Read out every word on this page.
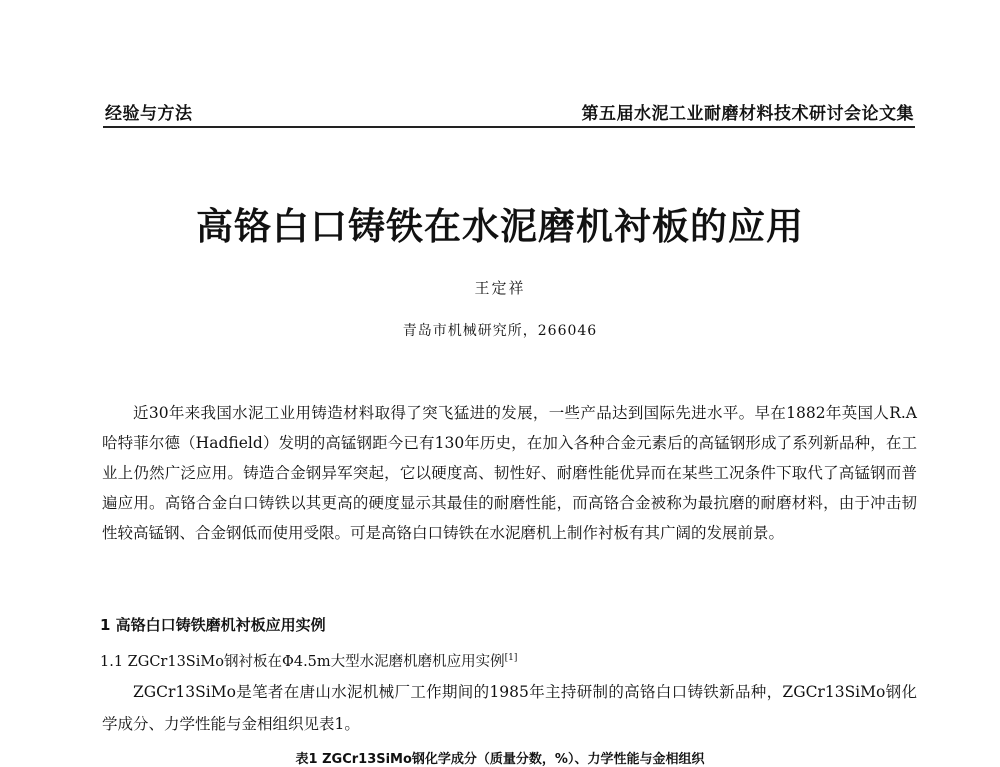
经验与方法	第五届水泥工业耐磨材料技术研讨会论文集
高铬白口铸铁在水泥磨机衬板的应用
王定祥
青岛市机械研究所，266046

近30年来我国水泥工业用铸造材料取得了突飞猛进的发展，一些产品达到国际先进水平。早在1882年英国人R.A哈特菲尔德（Hadfield）发明的高锰钢距今已有130年历史，在加入各种合金元素后的高锰钢形成了系列新品种，在工业上仍然广泛应用。铸造合金钢异军突起，它以硬度高、韧性好、耐磨性能优异而在某些工况条件下取代了高锰钢而普遍应用。高铬合金白口铸铁以其更高的硬度显示其最佳的耐磨性能，而高铬合金被称为最抗磨的耐磨材料，由于冲击韧性较高锰钢、合金钢低而使用受限。可是高铬白口铸铁在水泥磨机上制作衬板有其广阔的发展前景。

1 高铬白口铸铁磨机衬板应用实例
1.1 ZGCr13SiMo钢衬板在Φ4.5m大型水泥磨机磨机应用实例[1]

ZGCr13SiMo是笔者在唐山水泥机械厂工作期间的1985年主持研制的高铬白口铸铁新品种，ZGCr13SiMo钢化学成分、力学性能与金相组织见表1。

表1 ZGCr13SiMo钢化学成分（质量分数，%）、力学性能与金相组织
